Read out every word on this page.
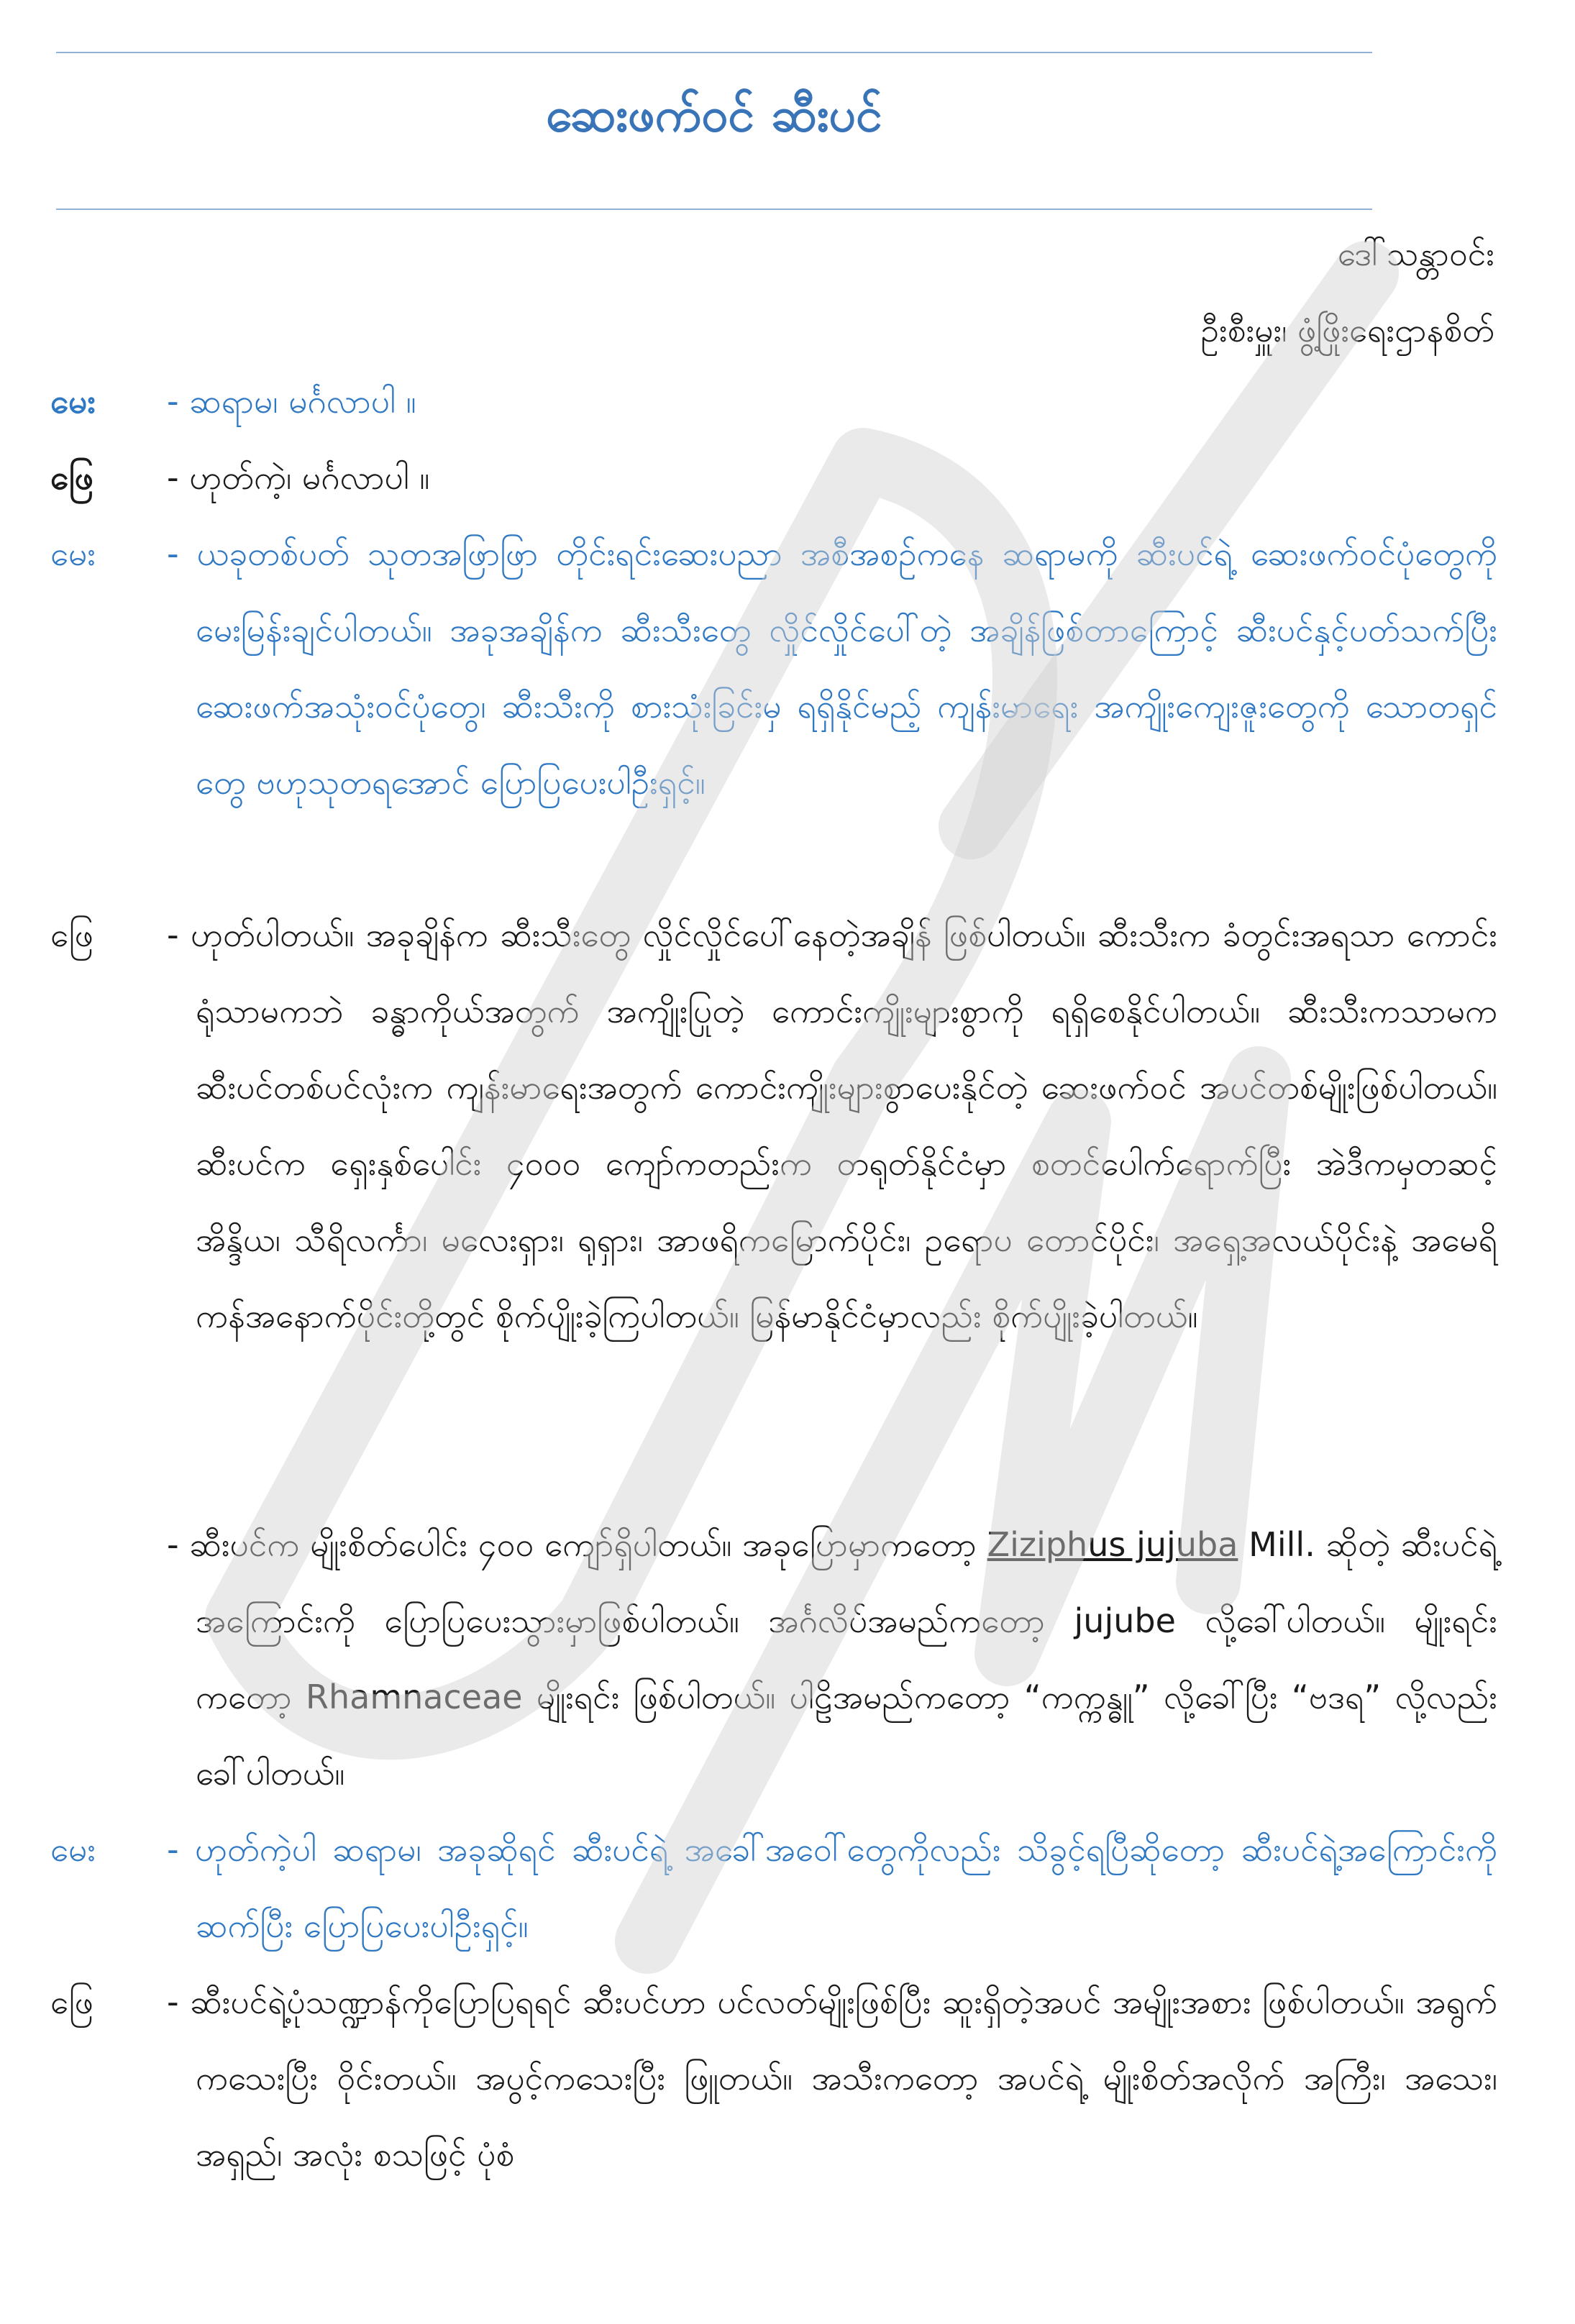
ဆေးဖက်ဝင် ဆီးပင်
ဒေါ်သန္တာဝင်း
ဦးစီးမှူး၊ ဖွံ့ဖြိုးရေးဌာနစိတ်
မေး	- ဆရာမ၊ မင်္ဂလာပါ ။
ဖြေ	- ဟုတ်ကဲ့၊ မင်္ဂလာပါ ။
မေး	- ယခုတစ်ပတ် သုတအဖြာဖြာ တိုင်းရင်းဆေးပညာ အစီအစဉ်ကနေ ဆရာမကို ဆီးပင်ရဲ့ ဆေးဖက်ဝင်ပုံတွေကို မေးမြန်းချင်ပါတယ်။ အခုအချိန်က ဆီးသီးတွေ လှိုင်လှိုင်ပေါ်တဲ့ အချိန်ဖြစ်တာကြောင့် ဆီးပင်နှင့်ပတ်သက်ပြီး ဆေးဖက်အသုံးဝင်ပုံတွေ၊ ဆီးသီးကို စားသုံးခြင်းမှ ရရှိနိုင်မည့် ကျန်းမာရေး အကျိုးကျေးဇူးတွေကို သောတရှင်တွေ ဗဟုသုတရအောင် ပြောပြပေးပါဦးရှင့်။
ဖြေ	- ဟုတ်ပါတယ်။ အခုချိန်က ဆီးသီးတွေ လှိုင်လှိုင်ပေါ်နေတဲ့အချိန် ဖြစ်ပါတယ်။ ဆီးသီးက ခံတွင်းအရသာ ကောင်းရုံသာမကဘဲ ခန္ဓာကိုယ်အတွက် အကျိုးပြုတဲ့ ကောင်းကျိုးများစွာကို ရရှိစေနိုင်ပါတယ်။ ဆီးသီးကသာမက ဆီးပင်တစ်ပင်လုံးက ကျန်းမာရေးအတွက် ကောင်းကျိုးများစွာပေးနိုင်တဲ့ ဆေးဖက်ဝင် အပင်တစ်မျိုးဖြစ်ပါတယ်။ ဆီးပင်က ရှေးနှစ်ပေါင်း ၄၀၀၀ ကျော်ကတည်းက တရုတ်နိုင်ငံမှာ စတင်ပေါက်ရောက်ပြီး အဲဒီကမှတဆင့် အိန္ဒိယ၊ သီရိလင်္ကာ၊ မလေးရှား၊ ရုရှား၊ အာဖရိကမြောက်ပိုင်း၊ ဥရောပ တောင်ပိုင်း၊ အရှေ့အလယ်ပိုင်းနဲ့ အမေရိကန်အနောက်ပိုင်းတို့တွင် စိုက်ပျိုးခဲ့ကြပါတယ်။ မြန်မာနိုင်ငံမှာလည်း စိုက်ပျိုးခဲ့ပါတယ်။
- ဆီးပင်က မျိုးစိတ်ပေါင်း ၄၀၀ ကျော်ရှိပါတယ်။ အခုပြောမှာကတော့ Ziziphus jujuba Mill. ဆိုတဲ့ ဆီးပင်ရဲ့အကြောင်းကို ပြောပြပေးသွားမှာဖြစ်ပါတယ်။ အင်္ဂလိပ်အမည်ကတော့ jujube လို့ခေါ်ပါတယ်။ မျိုးရင်းကတော့ Rhamnaceae မျိုးရင်း ဖြစ်ပါတယ်။ ပါဠိအမည်ကတော့ “ကက္ကန္ဓူ” လို့ခေါ်ပြီး “ဗဒရ” လို့လည်း ခေါ်ပါတယ်။
မေး	- ဟုတ်ကဲ့ပါ ဆရာမ၊ အခုဆိုရင် ဆီးပင်ရဲ့ အခေါ်အဝေါ်တွေကိုလည်း သိခွင့်ရပြီဆိုတော့ ဆီးပင်ရဲ့အကြောင်းကို ဆက်ပြီး ပြောပြပေးပါဦးရှင့်။
ဖြေ	- ဆီးပင်ရဲ့ပုံသဏ္ဍာန်ကိုပြောပြရရင် ဆီးပင်ဟာ ပင်လတ်မျိုးဖြစ်ပြီး ဆူးရှိတဲ့အပင် အမျိုးအစား ဖြစ်ပါတယ်။ အရွက်ကသေးပြီး ဝိုင်းတယ်။ အပွင့်ကသေးပြီး ဖြူတယ်။ အသီးကတော့ အပင်ရဲ့ မျိုးစိတ်အလိုက် အကြီး၊ အသေး၊ အရှည်၊ အလုံး စသဖြင့် ပုံစံ
